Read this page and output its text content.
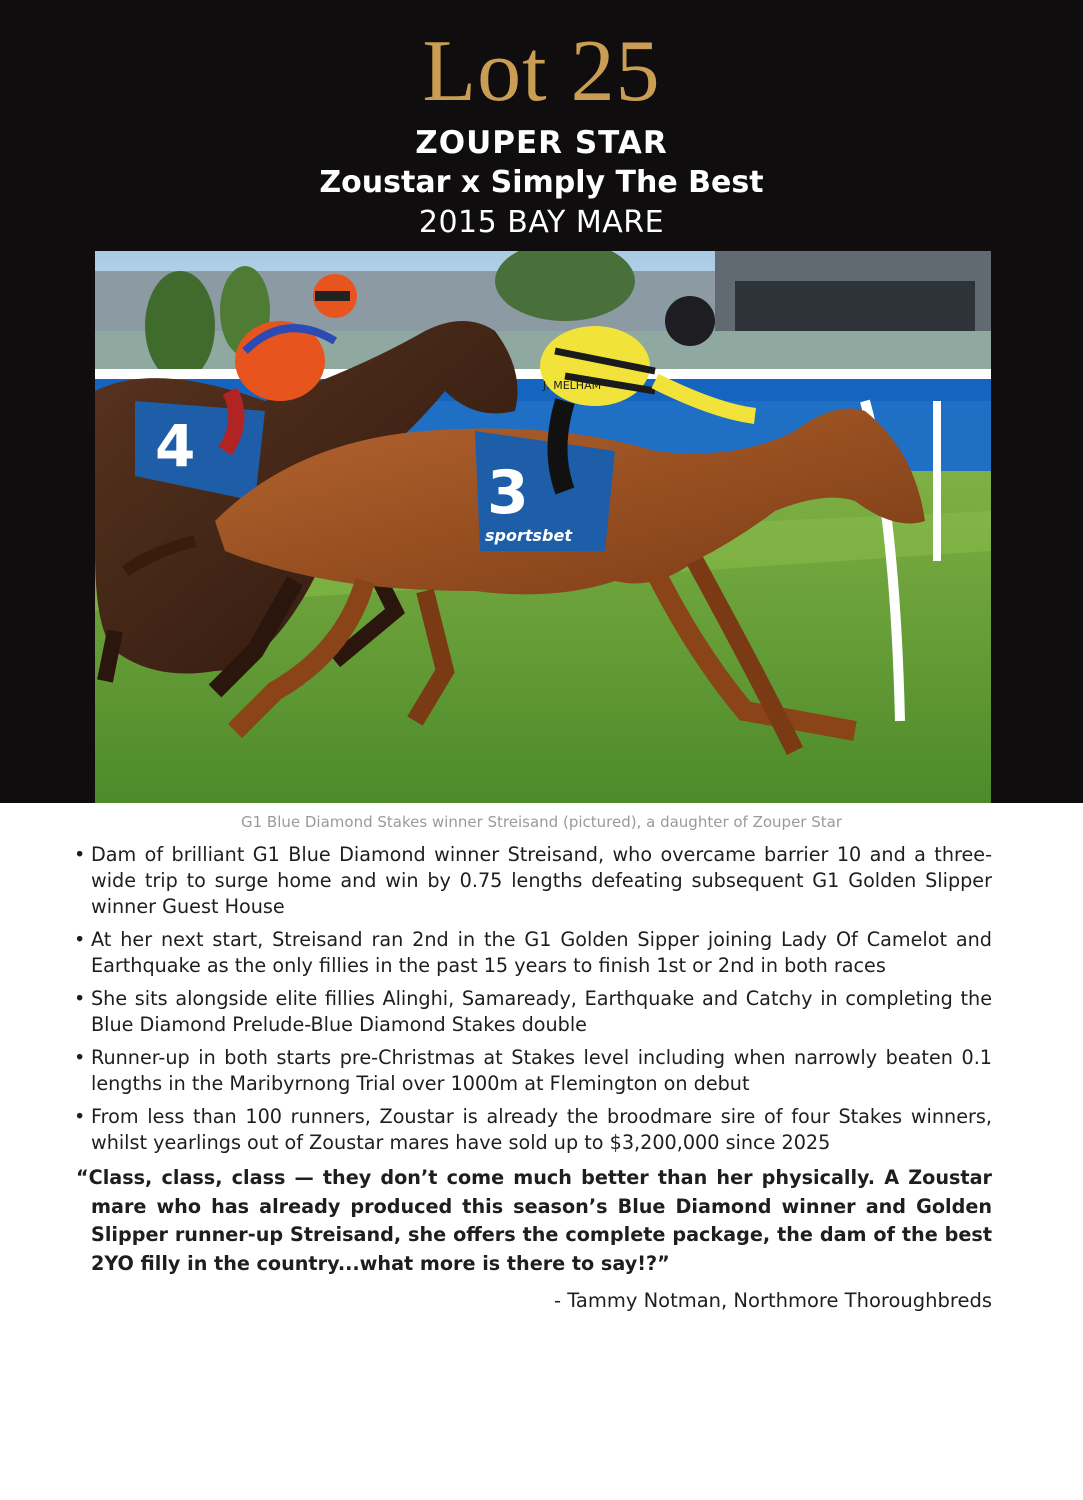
Lot 25
ZOUPER STAR
Zoustar x Simply The Best
2015 BAY MARE
4
3
sportsbet
J. MELHAM
G1 Blue Diamond Stakes winner Streisand (pictured), a daughter of Zouper Star
• Dam of brilliant G1 Blue Diamond winner Streisand, who overcame barrier 10 and a three-wide trip to surge home and win by 0.75 lengths defeating subsequent G1 Golden Slipper winner Guest House
• At her next start, Streisand ran 2nd in the G1 Golden Sipper joining Lady Of Camelot and Earthquake as the only fillies in the past 15 years to finish 1st or 2nd in both races
• She sits alongside elite fillies Alinghi, Samaready, Earthquake and Catchy in completing the Blue Diamond Prelude-Blue Diamond Stakes double
• Runner-up in both starts pre-Christmas at Stakes level including when narrowly beaten 0.1 lengths in the Maribyrnong Trial over 1000m at Flemington on debut
• From less than 100 runners, Zoustar is already the broodmare sire of four Stakes winners, whilst yearlings out of Zoustar mares have sold up to $3,200,000 since 2025
“Class, class, class — they don’t come much better than her physically. A Zoustar mare who has already produced this season’s Blue Diamond winner and Golden Slipper runner-up Streisand, she offers the complete package, the dam of the best 2YO filly in the country...what more is there to say!?”
- Tammy Notman, Northmore Thoroughbreds
